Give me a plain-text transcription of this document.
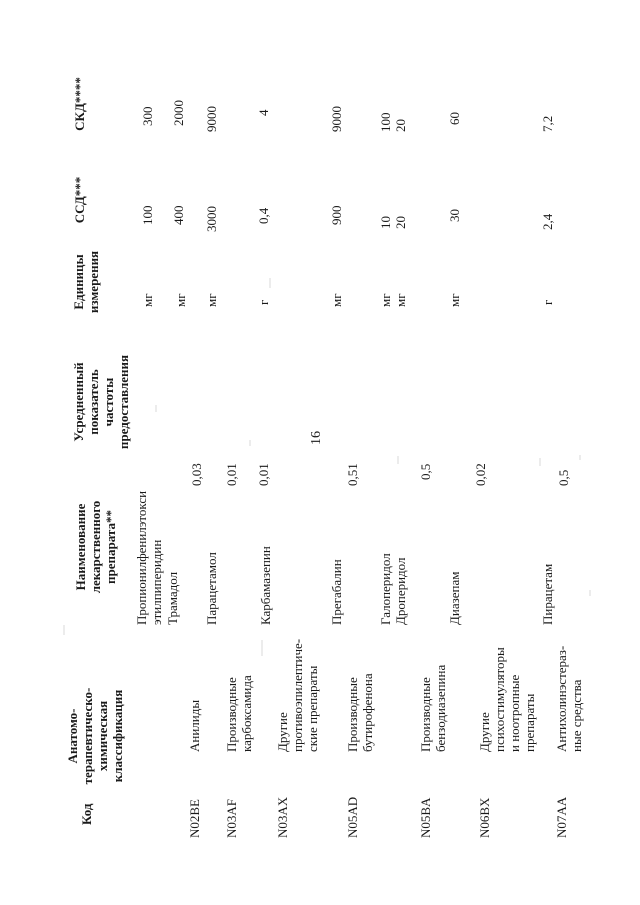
16
Код
Анатомо- терапевтическо- химическая классификация
Наименование лекарственного препарата**
Усредненный показатель частоты предоставления
Единицы измерения
ССД***
СКД****
Пропионилфенилэтокси этилпиперидин
мг
100
300
Трамадол
0,03
N02BE
Анилиды
мг
400
2000
N03AF
Производные карбоксамида
Парацетамол
0,01
мг
3000
9000
N03AX
Другие противоэпилептиче- ские препараты
Карбамазепин
0,01
г
0,4
4
N05AD
Производные бутирофенона
Прегабалин
0,51
мг
900
9000
Галоперидол Дроперидол
0,5
мг мг
10 20
100 20
N05BA
Производные бензодиазепина
Диазепам
0,02
мг
30
60
N06BX
Другие психостимуляторы и ноотропные препараты
N07AA
Антихолинэстераз- ные средства
Пирацетам
0,5
г
2,4
7,2
